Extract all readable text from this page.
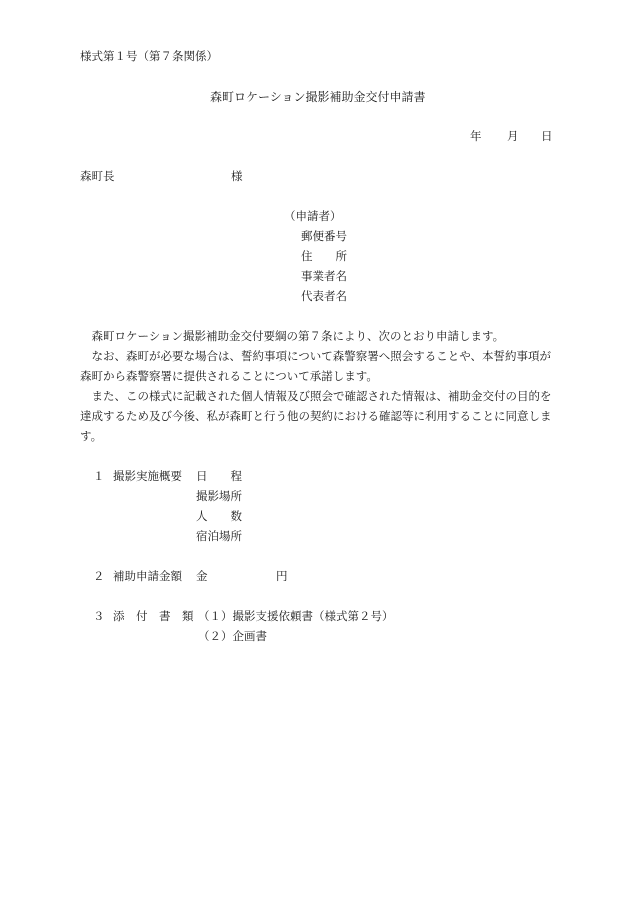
様式第１号（第７条関係）
森町ロケーション撮影補助金交付申請書
年 月 日
森町長	様
（申請者）
郵便番号
住　　所
事業者名
代表者名

森町ロケーション撮影補助金交付要綱の第７条により、次のとおり申請します。

なお、森町が必要な場合は、誓約事項について森警察署へ照会することや、本誓約事項が森町から森警察署に提供されることについて承諾します。

また、この様式に記載された個人情報及び照会で確認された情報は、補助金交付の目的を達成するため及び今後、私が森町と行う他の契約における確認等に利用することに同意します。

１ 撮影実施概要 日　　程
撮影場所
人　　数
宿泊場所
２ 補助申請金額 金	円
３ 添　付　書　類 （１）撮影支援依頼書（様式第２号）
（２）企画書
